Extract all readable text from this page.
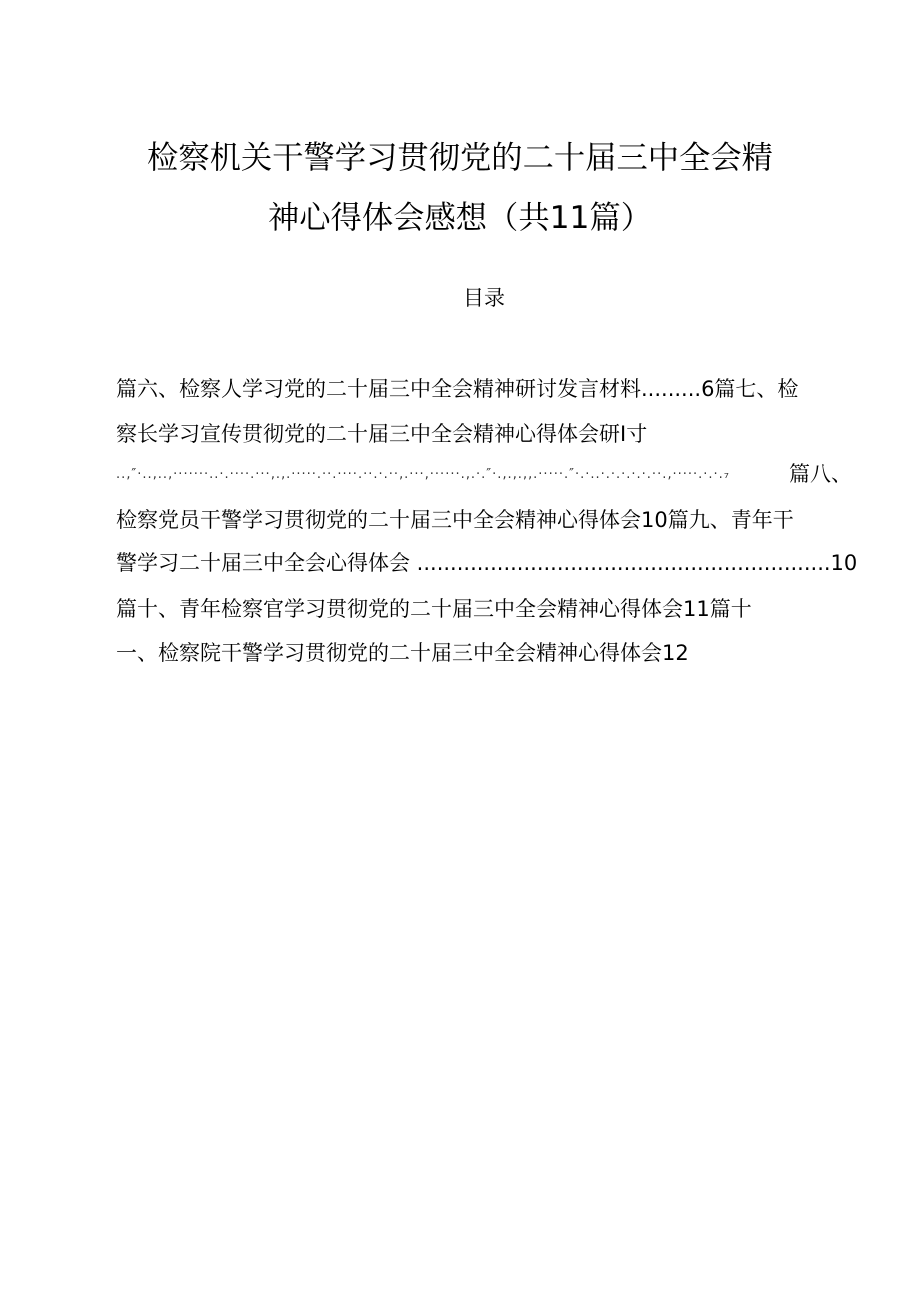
检察机关干警学习贯彻党的二十届三中全会精
神心得体会感想（共11篇）
目录
篇六、检察人学习党的二十届三中全会精神研讨发言材料.........6篇七、检
察长学习宣传贯彻党的二十届三中全会精神心得体会研I寸
..‚″·..‚..‚·······..·.····.···‚.‚.·····.··.····.··.·.··‚.···‚······.‚.·.″·.‚.‚.‚‚.·····.″·.·..·.·.·.·.·.··.‚·····.·.·.₇	篇八、
检察党员干警学习贯彻党的二十届三中全会精神心得体会10篇九、青年干
警学习二十届三中全会心得体会 ..............................................................10
篇十、青年检察官学习贯彻党的二十届三中全会精神心得体会11篇十
一、检察院干警学习贯彻党的二十届三中全会精神心得体会12
